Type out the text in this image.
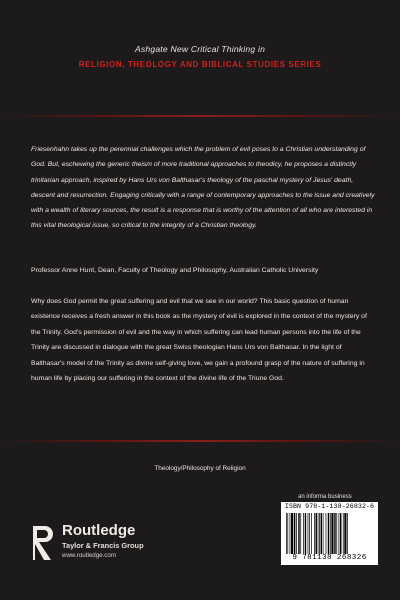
Ashgate New Critical Thinking in
RELIGION, THEOLOGY AND BIBLICAL STUDIES SERIES
Friesenhahn takes up the perennial challenges which the problem of evil poses to a Christian understanding of God. But, eschewing the generic theism of more traditional approaches to theodicy, he proposes a distinctly trinitarian approach, inspired by Hans Urs von Balthasar's theology of the paschal mystery of Jesus' death, descent and resurrection. Engaging critically with a range of contemporary approaches to the issue and creatively with a wealth of literary sources, the result is a response that is worthy of the attention of all who are interested in this vital theological issue, so critical to the integrity of a Christian theology.
Professor Anne Hunt, Dean, Faculty of Theology and Philosophy, Australian Catholic University
Why does God permit the great suffering and evil that we see in our world? This basic question of human existence receives a fresh answer in this book as the mystery of evil is explored in the context of the mystery of the Trinity. God's permission of evil and the way in which suffering can lead human persons into the life of the Trinity are discussed in dialogue with the great Swiss theologian Hans Urs von Balthasar. In the light of Balthasar's model of the Trinity as divine self-giving love, we gain a profound grasp of the nature of suffering in human life by placing our suffering in the context of the divine life of the Triune God.
Theology/Philosophy of Religion
Routledge
Taylor & Francis Group
www.routledge.com
an informa business
ISBN 978-1-138-26832-6
9 781138 268326
